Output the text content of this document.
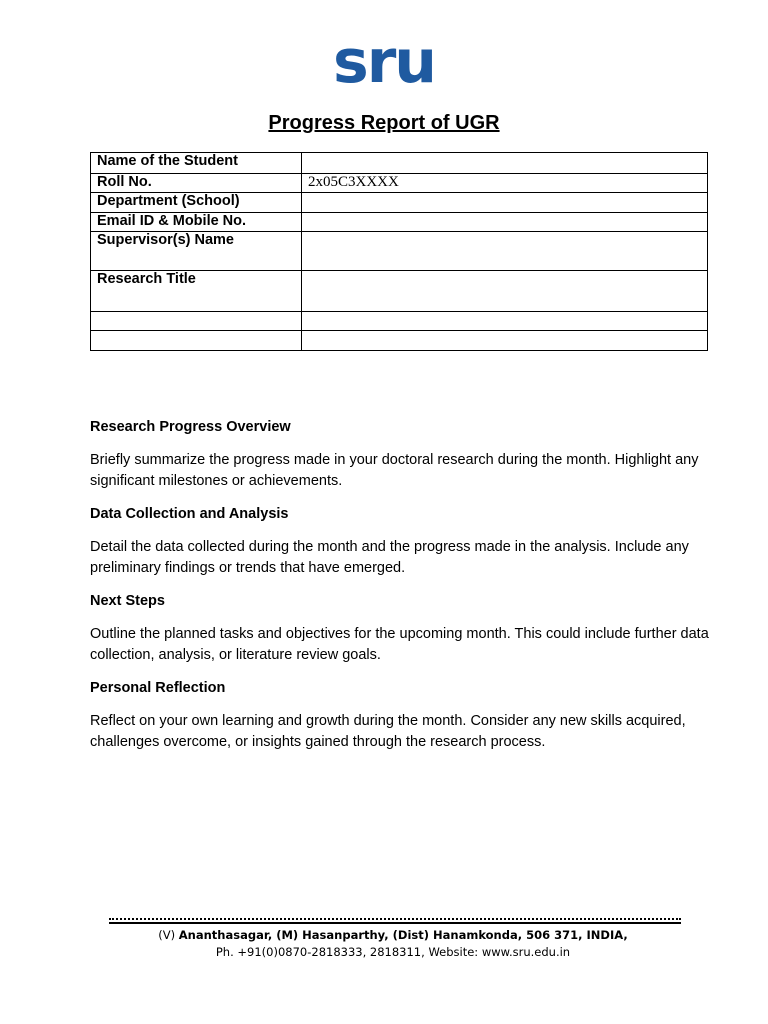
sru
Progress Report of UGR
Name of the Student	
Roll No.	2x05C3XXXX
Department (School)	
Email ID & Mobile No.	
Supervisor(s) Name	
Research Title	

Research Progress Overview

Briefly summarize the progress made in your doctoral research during the month. Highlight any significant milestones or achievements.

Data Collection and Analysis

Detail the data collected during the month and the progress made in the analysis. Include any preliminary findings or trends that have emerged.

Next Steps

Outline the planned tasks and objectives for the upcoming month. This could include further data collection, analysis, or literature review goals.

Personal Reflection

Reflect on your own learning and growth during the month. Consider any new skills acquired, challenges overcome, or insights gained through the research process.

(V) Ananthasagar, (M) Hasanparthy, (Dist) Hanamkonda, 506 371, INDIA,
Ph. +91(0)0870-2818333, 2818311, Website: www.sru.edu.in
